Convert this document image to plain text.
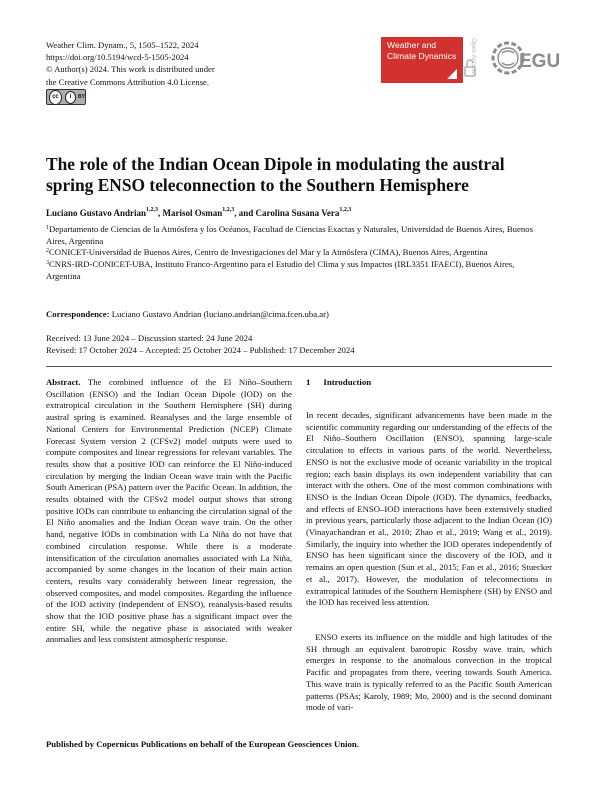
Weather Clim. Dynam., 5, 1505–1522, 2024
https://doi.org/10.5194/wcd-5-1505-2024
© Author(s) 2024. This work is distributed under
the Creative Commons Attribution 4.0 License.
cc	i	BY
Weather and
Climate Dynamics	Open Access EGU
The role of the Indian Ocean Dipole in modulating the austral spring ENSO teleconnection to the Southern Hemisphere
Luciano Gustavo Andrian$^{1,2,3}$, Marisol Osman$^{1,2,3}$, and Carolina Susana Vera$^{1,2,3}$
$^1$Departamento de Ciencias de la Atmósfera y los Océanos, Facultad de Ciencias Exactas y Naturales, Universidad de Buenos Aires, Buenos Aires, Argentina
$^2$CONICET-Universidad de Buenos Aires, Centro de Investigaciones del Mar y la Atmósfera (CIMA), Buenos Aires, Argentina
$^3$CNRS-IRD-CONICET-UBA, Instituto Franco-Argentino para el Estudio del Clima y sus Impactos (IRL3351 IFAECI), Buenos Aires, Argentina
Correspondence: Luciano Gustavo Andrian (luciano.andrian@cima.fcen.uba.ar)
Received: 13 June 2024 – Discussion started: 24 June 2024
Revised: 17 October 2024 – Accepted: 25 October 2024 – Published: 17 December 2024
Abstract. The combined influence of the El Niño–Southern Oscillation (ENSO) and the Indian Ocean Dipole (IOD) on the extratropical circulation in the Southern Hemisphere (SH) during austral spring is examined. Reanalyses and the large ensemble of National Centers for Environmental Prediction (NCEP) Climate Forecast System version 2 (CFSv2) model outputs were used to compute composites and linear regressions for relevant variables. The results show that a positive IOD can reinforce the El Niño-induced circulation by merging the Indian Ocean wave train with the Pacific South American (PSA) pattern over the Pacific Ocean. In addition, the results obtained with the CFSv2 model output shows that strong positive IODs can contribute to enhancing the circulation signal of the El Niño anomalies and the Indian Ocean wave train. On the other hand, negative IODs in combination with La Niña do not have that combined circulation response. While there is a moderate intensification of the circulation anomalies associated with La Niña, accompanied by some changes in the location of their main action centers, results vary considerably between linear regression, the observed composites, and model composites. Regarding the influence of the IOD activity (independent of ENSO), reanalysis-based results show that the IOD positive phase has a significant impact over the entire SH, while the negative phase is associated with weaker anomalies and less consistent atmospheric response.
1 Introduction
In recent decades, significant advancements have been made in the scientific community regarding our understanding of the effects of the El Niño–Southern Oscillation (ENSO), spanning large-scale circulation to effects in various parts of the world. Nevertheless, ENSO is not the exclusive mode of oceanic variability in the tropical region; each basin displays its own independent variability that can interact with the others. One of the most common combinations with ENSO is the Indian Ocean Dipole (IOD). The dynamics, feedbacks, and effects of ENSO–IOD interactions have been extensively studied in previous years, particularly those adjacent to the Indian Ocean (IO) (Vinayachandran et al., 2010; Zhao et al., 2019; Wang et al., 2019). Similarly, the inquiry into whether the IOD operates independently of ENSO has been significant since the discovery of the IOD, and it remains an open question (Sun et al., 2015; Fan et al., 2016; Stuecker et al., 2017). However, the modulation of teleconnections in extratropical latitudes of the Southern Hemisphere (SH) by ENSO and the IOD has received less attention.
ENSO exerts its influence on the middle and high latitudes of the SH through an equivalent barotropic Rossby wave train, which emerges in response to the anomalous convection in the tropical Pacific and propagates from there, veering towards South America. This wave train is typically referred to as the Pacific South American patterns (PSAs; Karoly, 1989; Mo, 2000) and is the second dominant mode of vari-
Published by Copernicus Publications on behalf of the European Geosciences Union.
